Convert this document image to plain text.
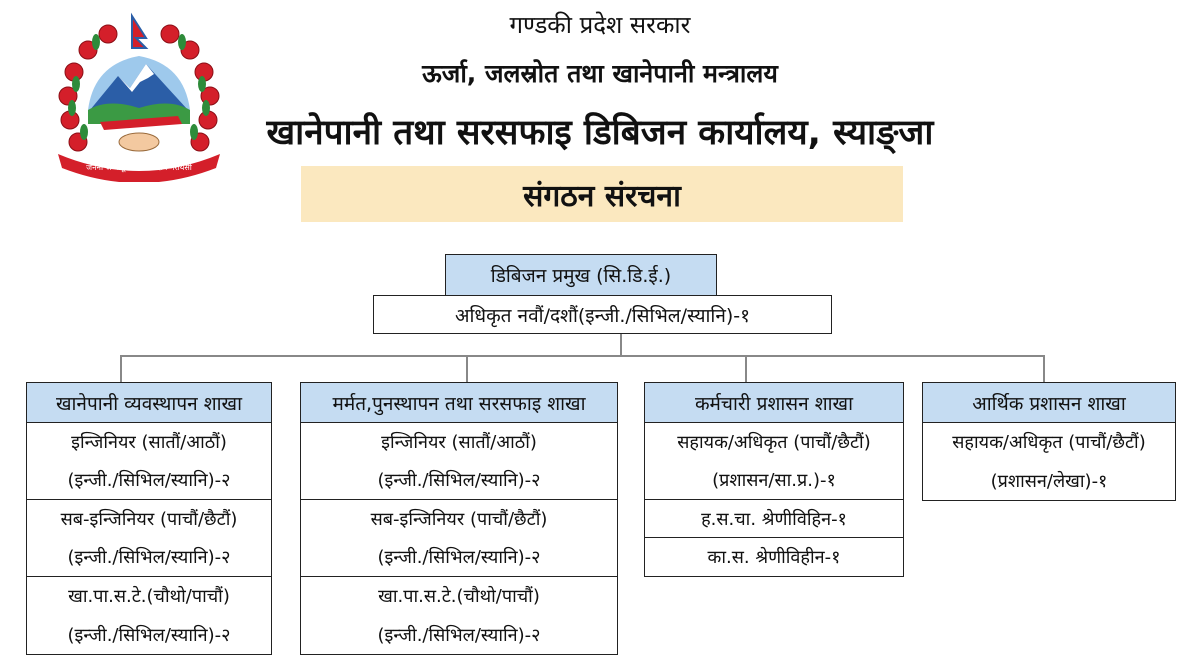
जननी जन्मभूमिश्च स्वर्गादपि गरीयसी
गण्डकी प्रदेश सरकार
ऊर्जा, जलस्रोत तथा खानेपानी मन्त्रालय
खानेपानी तथा सरसफाइ डिबिजन कार्यालय, स्याङ्जा
संगठन संरचना
डिबिजन प्रमुख (सि.डि.ई.)
अधिकृत नवौं/दशौं(इन्जी./सिभिल/स्यानि)-१
खानेपानी व्यवस्थापन शाखा
इन्जिनियर (सातौं/आठौं)
(इन्जी./सिभिल/स्यानि)-२
सब-इन्जिनियर (पाचौं/छैटौं)
(इन्जी./सिभिल/स्यानि)-२
खा.पा.स.टे.(चौथो/पाचौं)
(इन्जी./सिभिल/स्यानि)-२
मर्मत,पुनस्थापन तथा सरसफाइ शाखा
इन्जिनियर (सातौं/आठौं)
(इन्जी./सिभिल/स्यानि)-२
सब-इन्जिनियर (पाचौं/छैटौं)
(इन्जी./सिभिल/स्यानि)-२
खा.पा.स.टे.(चौथो/पाचौं)
(इन्जी./सिभिल/स्यानि)-२
कर्मचारी प्रशासन शाखा
सहायक/अधिकृत (पाचौं/छैटौं)
(प्रशासन/सा.प्र.)-१
ह.स.चा. श्रेणीविहिन-१
का.स. श्रेणीविहीन-१
आर्थिक प्रशासन शाखा
सहायक/अधिकृत (पाचौं/छैटौं)
(प्रशासन/लेखा)-१
